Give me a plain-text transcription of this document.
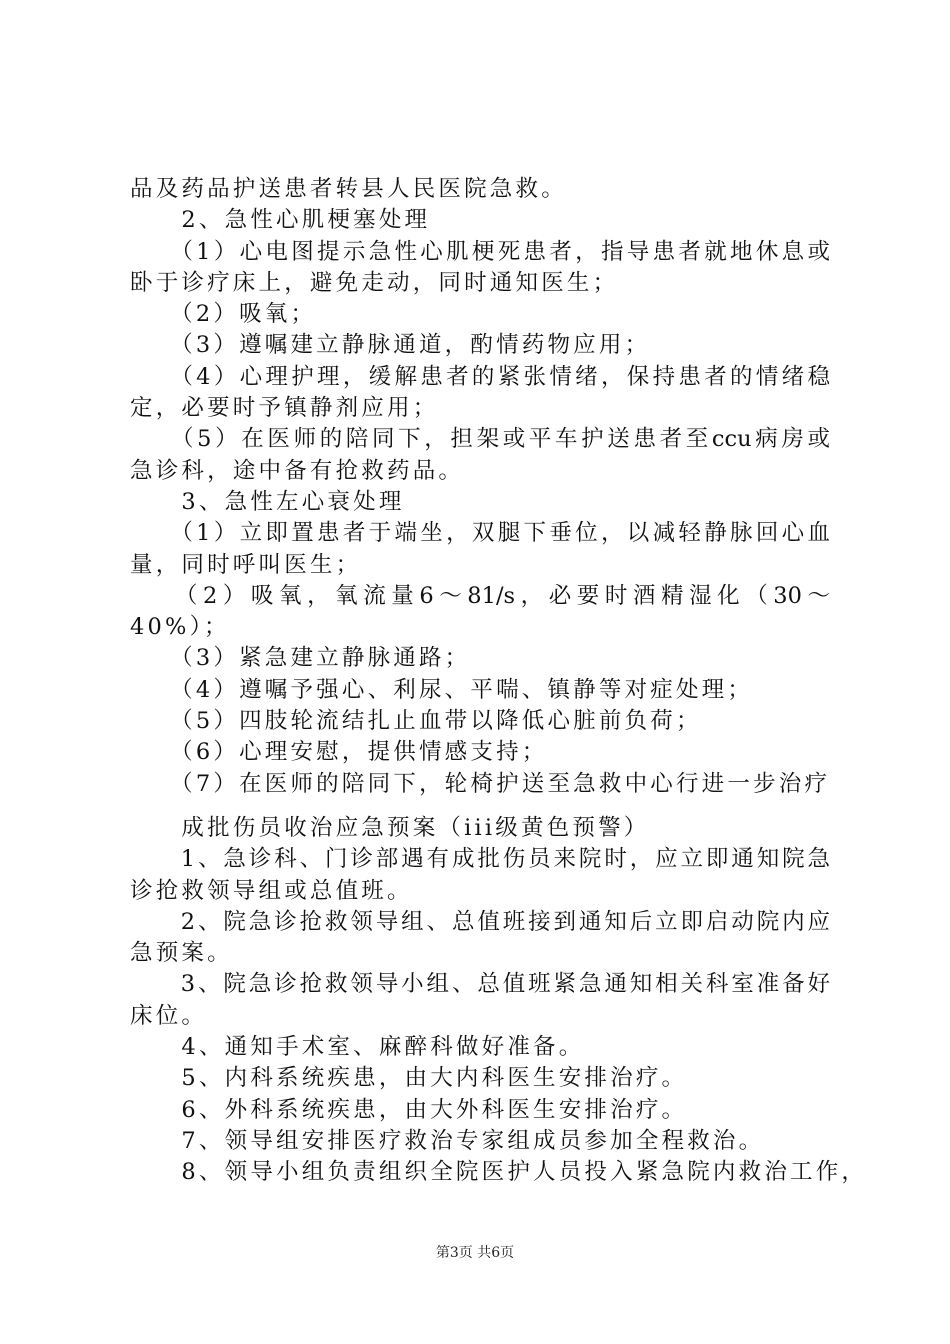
品及药品护送患者转县人民医院急救。
　　2、急性心肌梗塞处理
　　（1）心电图提示急性心肌梗死患者，指导患者就地休息或
卧于诊疗床上，避免走动，同时通知医生；
　　（2）吸氧；
　　（3）遵嘱建立静脉通道，酌情药物应用；
　　（4）心理护理，缓解患者的紧张情绪，保持患者的情绪稳
定，必要时予镇静剂应用；
　　（5）在医师的陪同下，担架或平车护送患者至ccu病房或
急诊科，途中备有抢救药品。
　　3、急性左心衰处理
　　（1）立即置患者于端坐，双腿下垂位，以减轻静脉回心血
量，同时呼叫医生；
　　（2）吸氧，氧流量6～81/s，必要时酒精湿化（30～
40%）；
　　（3）紧急建立静脉通路；
　　（4）遵嘱予强心、利尿、平喘、镇静等对症处理；
　　（5）四肢轮流结扎止血带以降低心脏前负荷；
　　（6）心理安慰，提供情感支持；
　　（7）在医师的陪同下，轮椅护送至急救中心行进一步治疗
　　成批伤员收治应急预案（iii级黄色预警）
　　1、急诊科、门诊部遇有成批伤员来院时，应立即通知院急
诊抢救领导组或总值班。
　　2、院急诊抢救领导组、总值班接到通知后立即启动院内应
急预案。
　　3、院急诊抢救领导小组、总值班紧急通知相关科室准备好
床位。
　　4、通知手术室、麻醉科做好准备。
　　5、内科系统疾患，由大内科医生安排治疗。
　　6、外科系统疾患，由大外科医生安排治疗。
　　7、领导组安排医疗救治专家组成员参加全程救治。
　　8、领导小组负责组织全院医护人员投入紧急院内救治工作，
第3页 共6页
